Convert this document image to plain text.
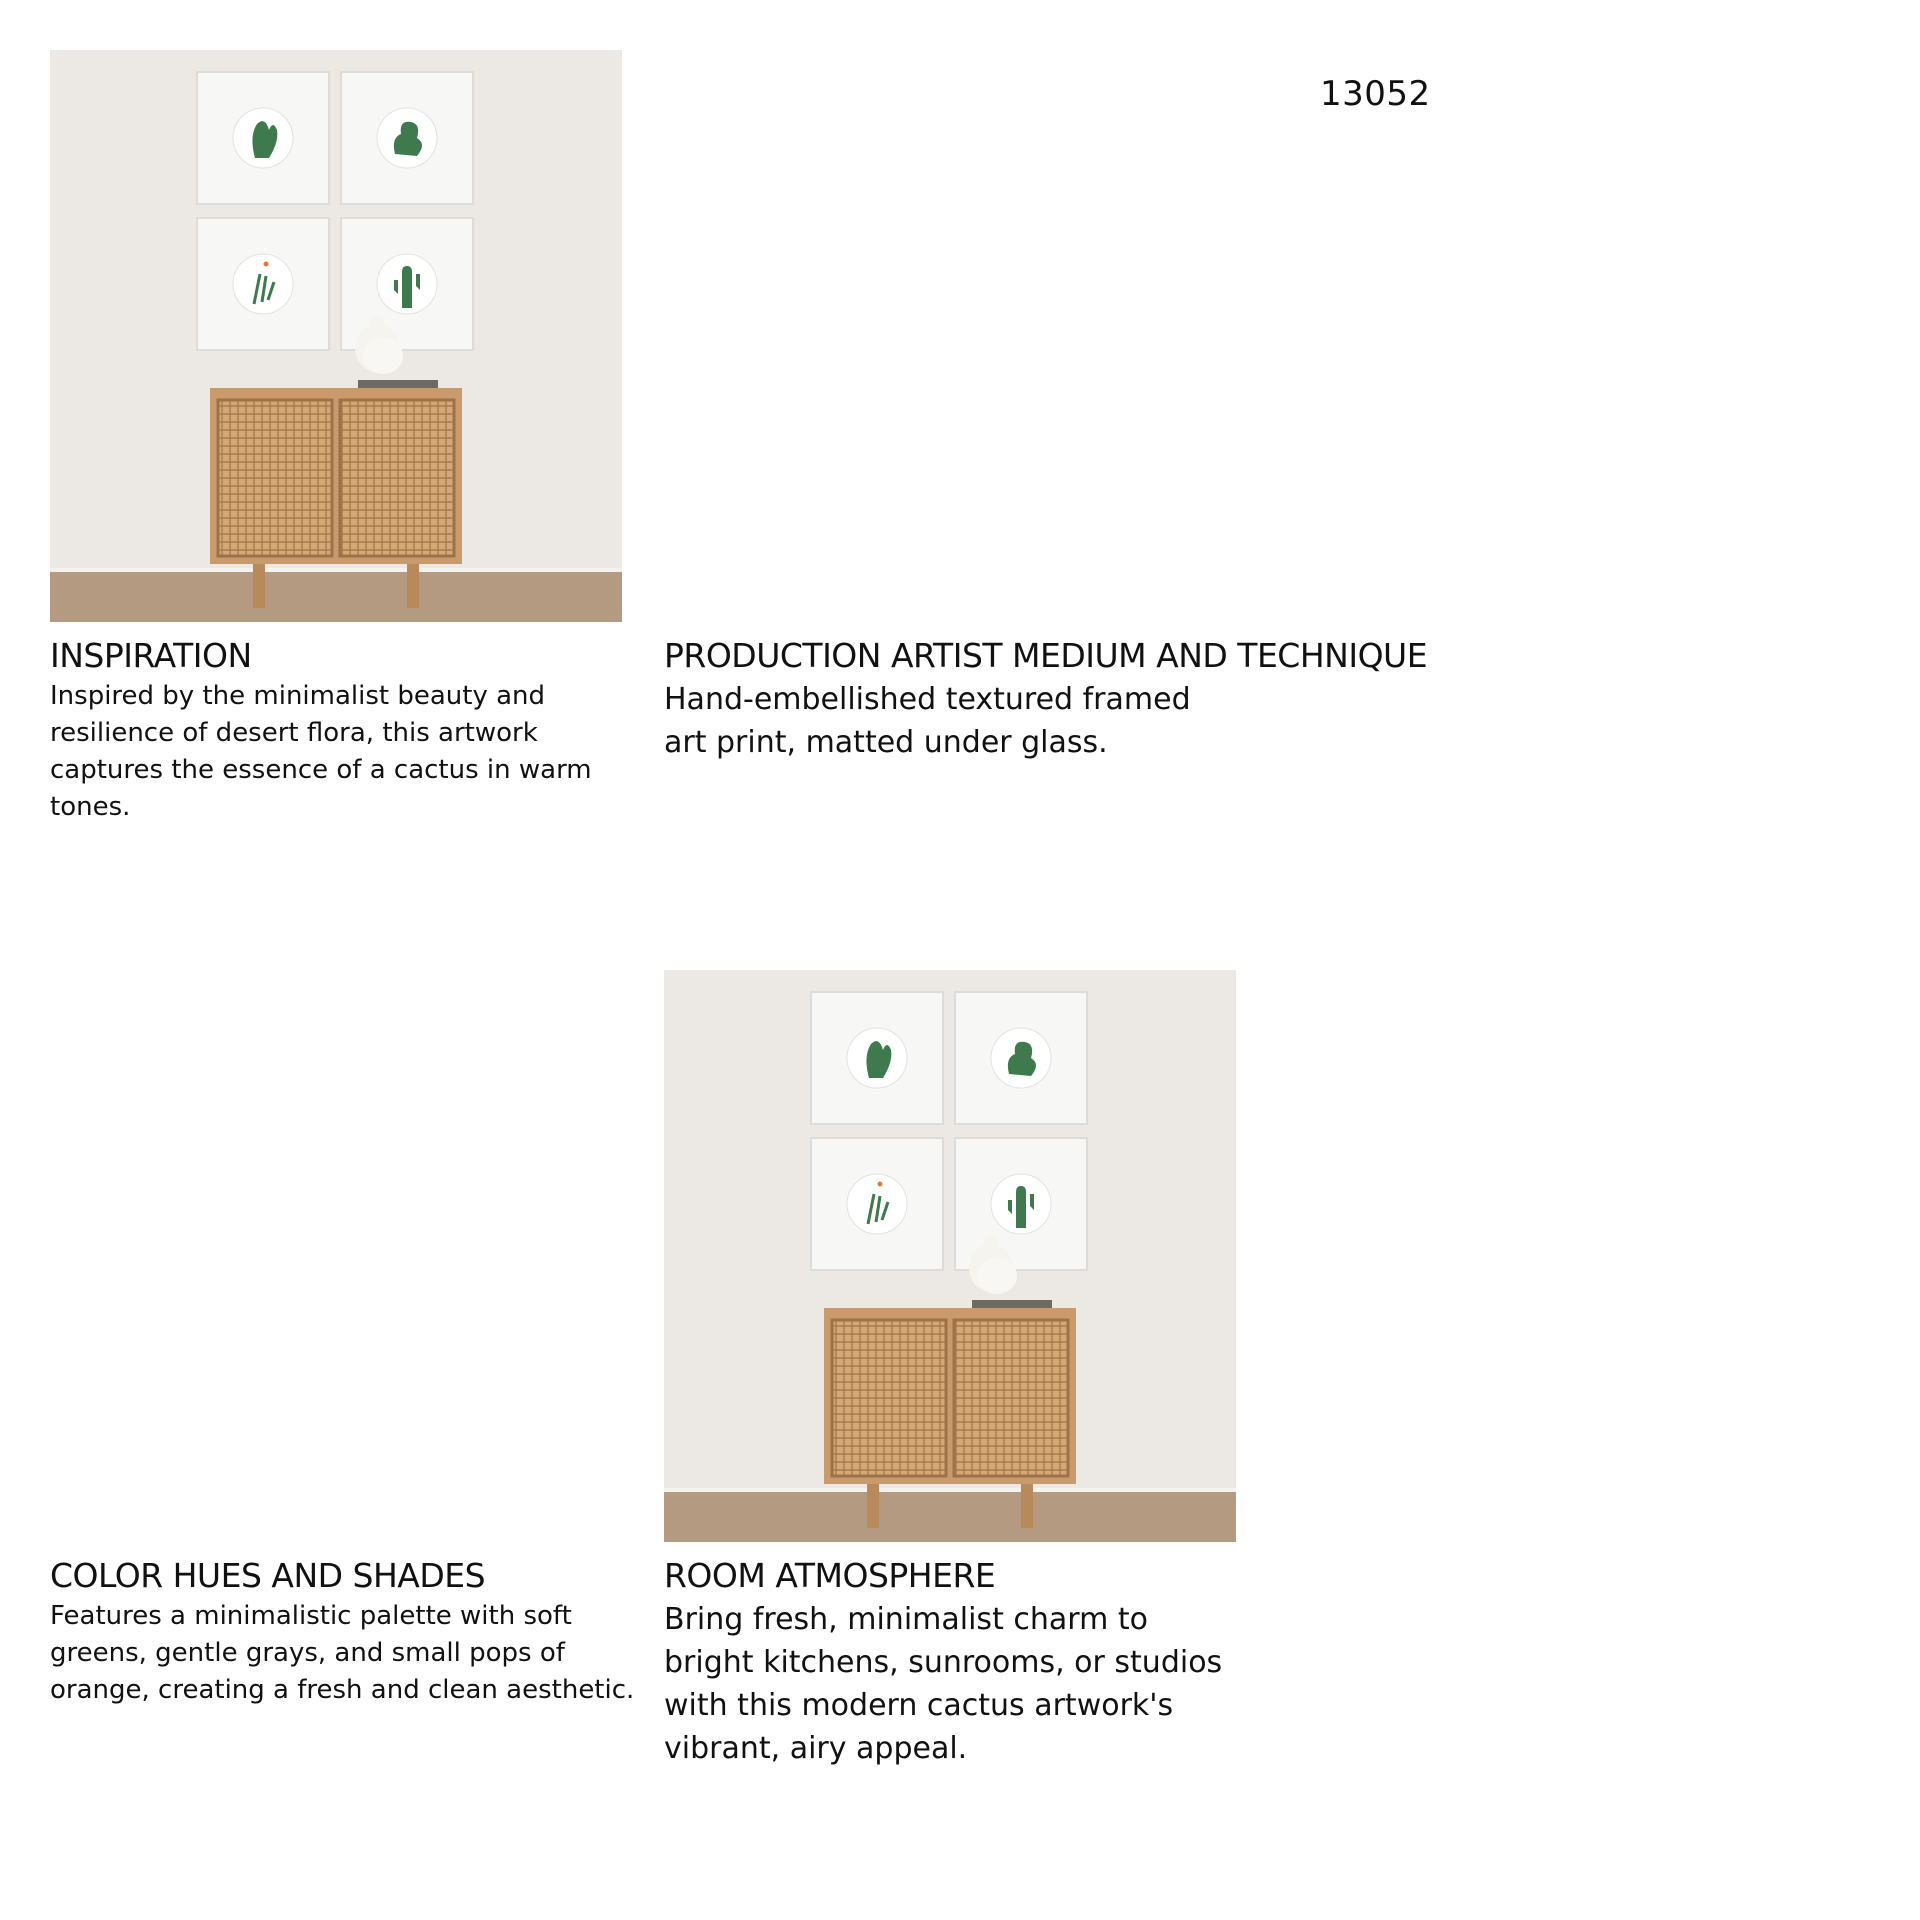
13052
INSPIRATION

Inspired by the minimalist beauty and resilience of desert flora, this artwork captures the essence of a cactus in warm tones.

PRODUCTION ARTIST MEDIUM AND TECHNIQUE

Hand-embellished textured framed art print, matted under glass.

COLOR HUES AND SHADES

Features a minimalistic palette with soft greens, gentle grays, and small pops of orange, creating a fresh and clean aesthetic.

ROOM ATMOSPHERE

Bring fresh, minimalist charm to bright kitchens, sunrooms, or studios with this modern cactus artwork's vibrant, airy appeal.
